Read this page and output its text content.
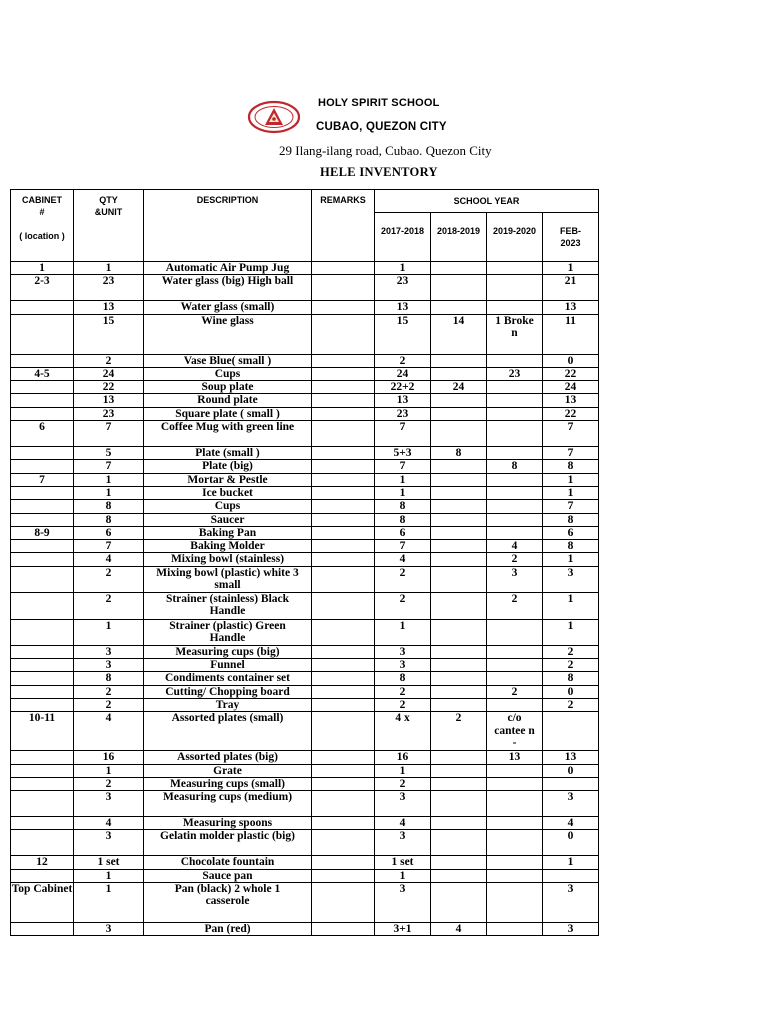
HOLY SPIRIT SCHOOL
CUBAO, QUEZON CITY
29 Ilang-ilang road, Cubao. Quezon City
HELE INVENTORY
CABINET #
( location )	QTY &UNIT	DESCRIPTION	REMARKS	SCHOOL YEAR			

				2017-2018	2018-2019	2019-2020	FEB-2023

1	1	Automatic Air Pump Jug		1			1
2-3	23	Water glass (big) High ball		23			21
	13	Water glass (small)		13			13
	15	Wine glass		15	14	1 Broke n	11
	2	Vase Blue( small )		2			0
4-5	24	Cups		24		23	22
	22	Soup plate		22+2	24		24
	13	Round plate		13			13
	23	Square plate ( small )		23			22
6	7	Coffee Mug with green line		7			7
	5	Plate (small )		5+3	8		7
	7	Plate (big)		7		8	8
7	1	Mortar & Pestle		1			1
	1	Ice bucket		1			1
	8	Cups		8			7
	8	Saucer		8			8
8-9	6	Baking Pan		6			6
	7	Baking Molder		7		4	8
	4	Mixing bowl (stainless)		4		2	1
	2	Mixing bowl (plastic) white 3 small		2		3	3
	2	Strainer (stainless) Black Handle		2		2	1
	1	Strainer (plastic) Green Handle		1			1
	3	Measuring cups (big)		3			2
	3	Funnel		3			2
	8	Condiments container set		8			8
	2	Cutting/ Chopping board		2		2	0
	2	Tray		2			2
10-11	4	Assorted plates (small)		4 x	2	c/o cantee n -	
	16	Assorted plates (big)		16		13	13
	1	Grate		1			0
	2	Measuring cups (small)		2			
	3	Measuring cups (medium)		3			3
	4	Measuring spoons		4			4
	3	Gelatin molder plastic (big)		3			0
12	1 set	Chocolate fountain		1 set			1
	1	Sauce pan		1			
Top Cabinet	1	Pan (black) 2 whole 1 casserole		3			3
	3	Pan (red)		3+1	4		3
